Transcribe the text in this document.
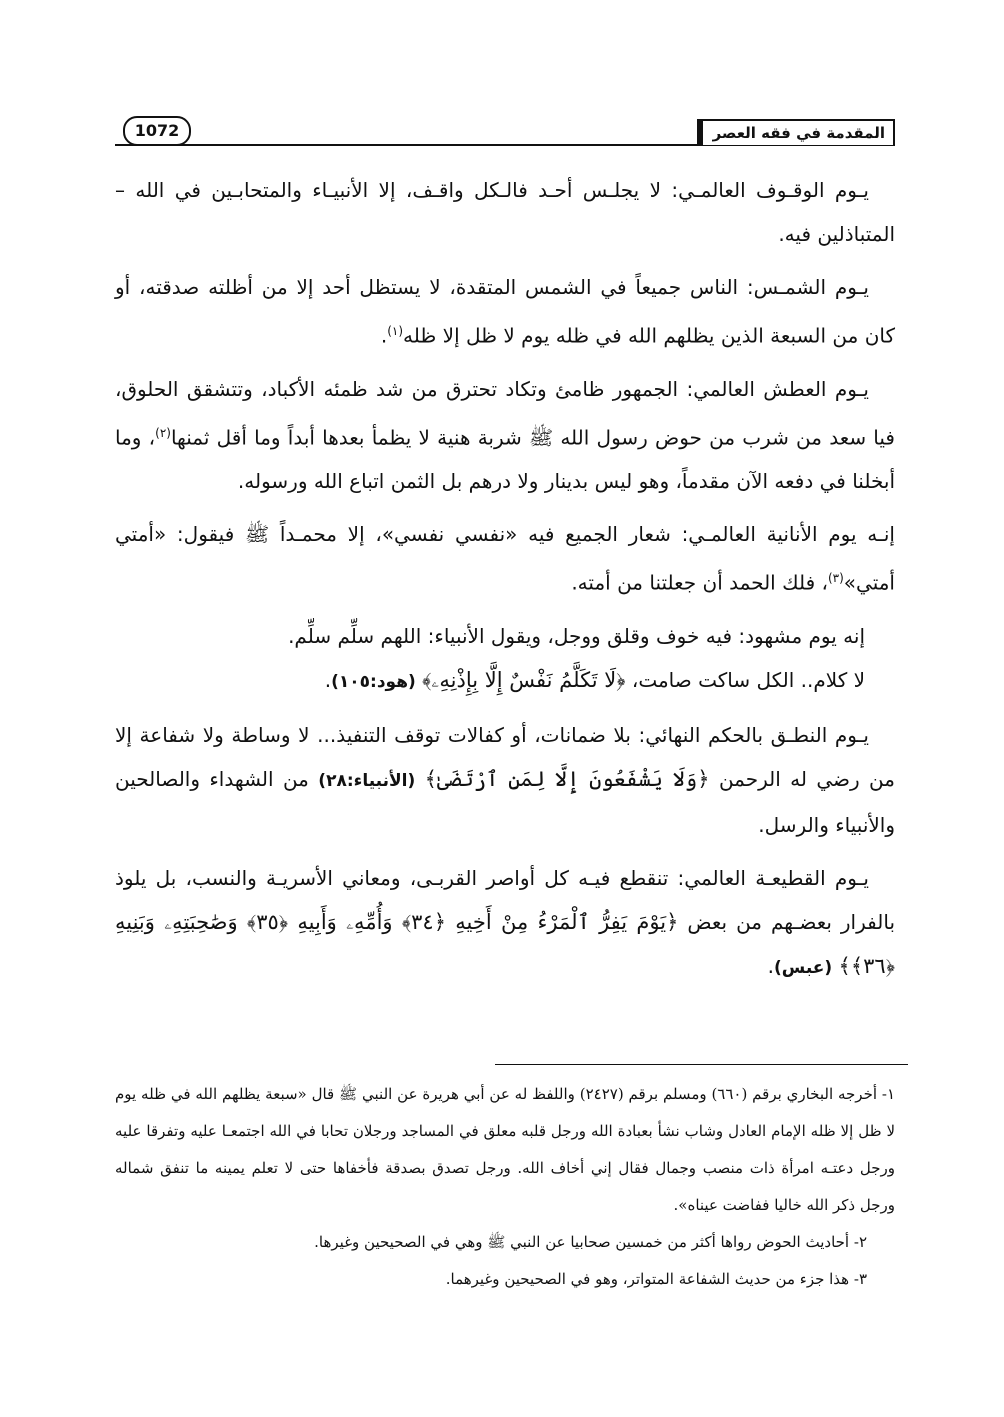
المقدمة في فقه العصر
1072

يـوم الوقـوف العالمـي: لا يجلـس أحـد فالـكل واقـف، إلا الأنبيـاء والمتحابـين في الله –المتباذلين فيه.

يـوم الشمـس: الناس جميعاً في الشمس المتقدة، لا يستظل أحد إلا من أظلته صدقته، أو كان من السبعة الذين يظلهم الله في ظله يوم لا ظل إلا ظله$^{(١)}$.

يـوم العطش العالمي: الجمهور ظامئ وتكاد تحترق من شد ظمئه الأكباد، وتتشقق الحلوق، فيا سعد من شرب من حوض رسول الله ﷺ شربة هنية لا يظمأ بعدها أبداً وما أقل ثمنها$^{(٢)}$، وما أبخلنا في دفعه الآن مقدماً، وهو ليس بدينار ولا درهم بل الثمن اتباع الله ورسوله.

إنـه يوم الأنانية العالمـي: شعار الجميع فيه «نفسي نفسي»، إلا محمـداً ﷺ فيقول: «أمتي أمتي»$^{(٣)}$، فلك الحمد أن جعلتنا من أمته.

إنه يوم مشهود: فيه خوف وقلق ووجل، ويقول الأنبياء: اللهم سلِّم سلِّم.

لا كلام.. الكل ساكت صامت، ﴿لَا تَكَلَّمُ نَفْسٌ إِلَّا بِإِذْنِهِۦ﴾ (هود:١٠٥).

يـوم النطـق بالحكم النهائي: بلا ضمانات، أو كفالات توقف التنفيذ... لا وساطة ولا شفاعة إلا من رضي له الرحمن ﴿وَلَا يَشْفَعُونَ إِلَّا لِمَنِ ٱرْتَضَىٰ﴾ (الأنبياء:٢٨) من الشهداء والصالحين والأنبياء والرسل.

يـوم القطيعـة العالمي: تنقطع فيـه كل أواصر القربـى، ومعاني الأسريـة والنسب، بل يلوذ بالفرار بعضـهم من بعض ﴿يَوْمَ يَفِرُّ ٱلْمَرْءُ مِنْ أَخِيهِ ﴿٣٤﴾ وَأُمِّهِۦ وَأَبِيهِ ﴿٣٥﴾ وَصَٰحِبَتِهِۦ وَبَنِيهِ ﴿٣٦﴾﴾ (عبس).

١- أخرجه البخاري برقم (٦٦٠) ومسلم برقم (٢٤٢٧) واللفظ له عن أبي هريرة عن النبي ﷺ قال «سبعة يظلهم الله في ظله يوم لا ظل إلا ظله الإمام العادل وشاب نشأ بعبادة الله ورجل قلبه معلق في المساجد ورجلان تحابا في الله اجتمعـا عليه وتفرقا عليه ورجل دعتـه امرأة ذات منصب وجمال فقال إني أخاف الله. ورجل تصدق بصدقة فأخفاها حتى لا تعلم يمينه ما تنفق شماله ورجل ذكر الله خاليا ففاضت عيناه».

٢- أحاديث الحوض رواها أكثر من خمسين صحابيا عن النبي ﷺ وهي في الصحيحين وغيرها.

٣- هذا جزء من حديث الشفاعة المتواتر، وهو في الصحيحين وغيرهما.
